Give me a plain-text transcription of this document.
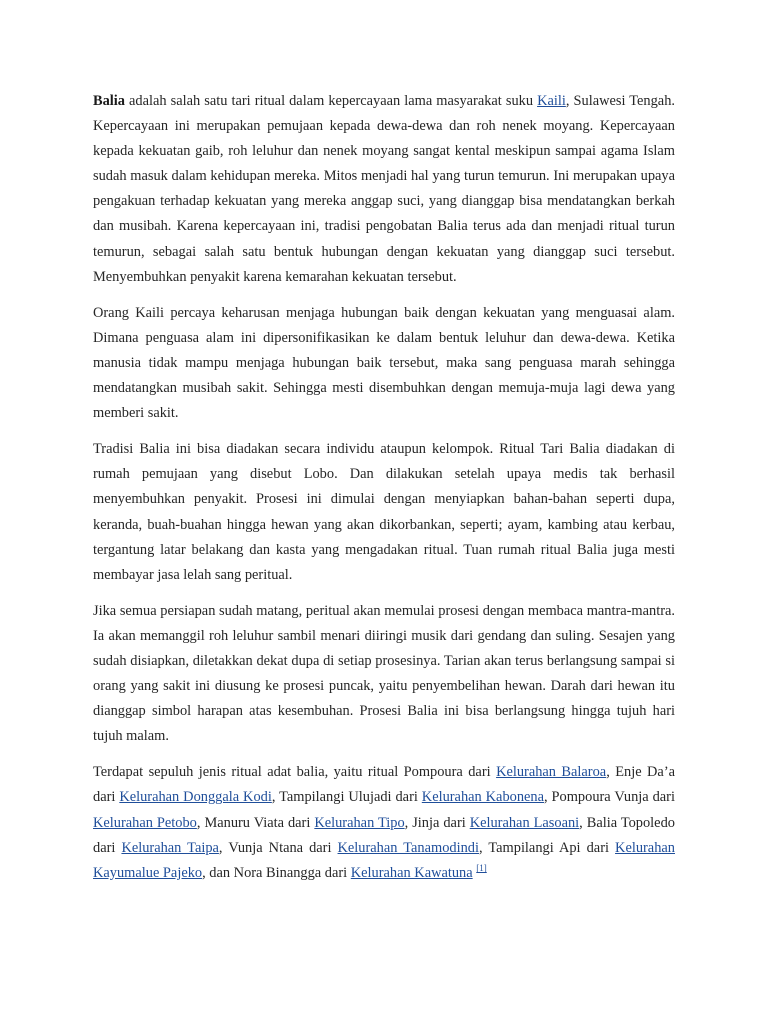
Balia adalah salah satu tari ritual dalam kepercayaan lama masyarakat suku Kaili, Sulawesi Tengah. Kepercayaan ini merupakan pemujaan kepada dewa-dewa dan roh nenek moyang. Kepercayaan kepada kekuatan gaib, roh leluhur dan nenek moyang sangat kental meskipun sampai agama Islam sudah masuk dalam kehidupan mereka. Mitos menjadi hal yang turun temurun. Ini merupakan upaya pengakuan terhadap kekuatan yang mereka anggap suci, yang dianggap bisa mendatangkan berkah dan musibah. Karena kepercayaan ini, tradisi pengobatan Balia terus ada dan menjadi ritual turun temurun, sebagai salah satu bentuk hubungan dengan kekuatan yang dianggap suci tersebut. Menyembuhkan penyakit karena kemarahan kekuatan tersebut.

Orang Kaili percaya keharusan menjaga hubungan baik dengan kekuatan yang menguasai alam. Dimana penguasa alam ini dipersonifikasikan ke dalam bentuk leluhur dan dewa-dewa. Ketika manusia tidak mampu menjaga hubungan baik tersebut, maka sang penguasa marah sehingga mendatangkan musibah sakit. Sehingga mesti disembuhkan dengan memuja-muja lagi dewa yang memberi sakit.

Tradisi Balia ini bisa diadakan secara individu ataupun kelompok. Ritual Tari Balia diadakan di rumah pemujaan yang disebut Lobo. Dan dilakukan setelah upaya medis tak berhasil menyembuhkan penyakit. Prosesi ini dimulai dengan menyiapkan bahan-bahan seperti dupa, keranda, buah-buahan hingga hewan yang akan dikorbankan, seperti; ayam, kambing atau kerbau, tergantung latar belakang dan kasta yang mengadakan ritual. Tuan rumah ritual Balia juga mesti membayar jasa lelah sang peritual.

Jika semua persiapan sudah matang, peritual akan memulai prosesi dengan membaca mantra-mantra. Ia akan memanggil roh leluhur sambil menari diiringi musik dari gendang dan suling. Sesajen yang sudah disiapkan, diletakkan dekat dupa di setiap prosesinya. Tarian akan terus berlangsung sampai si orang yang sakit ini diusung ke prosesi puncak, yaitu penyembelihan hewan. Darah dari hewan itu dianggap simbol harapan atas kesembuhan. Prosesi Balia ini bisa berlangsung hingga tujuh hari tujuh malam.

Terdapat sepuluh jenis ritual adat balia, yaitu ritual Pompoura dari Kelurahan Balaroa, Enje Da’a dari Kelurahan Donggala Kodi, Tampilangi Ulujadi dari Kelurahan Kabonena, Pompoura Vunja dari Kelurahan Petobo, Manuru Viata dari Kelurahan Tipo, Jinja dari Kelurahan Lasoani, Balia Topoledo dari Kelurahan Taipa, Vunja Ntana dari Kelurahan Tanamodindi, Tampilangi Api dari Kelurahan Kayumalue Pajeko, dan Nora Binangga dari Kelurahan Kawatuna [1]
